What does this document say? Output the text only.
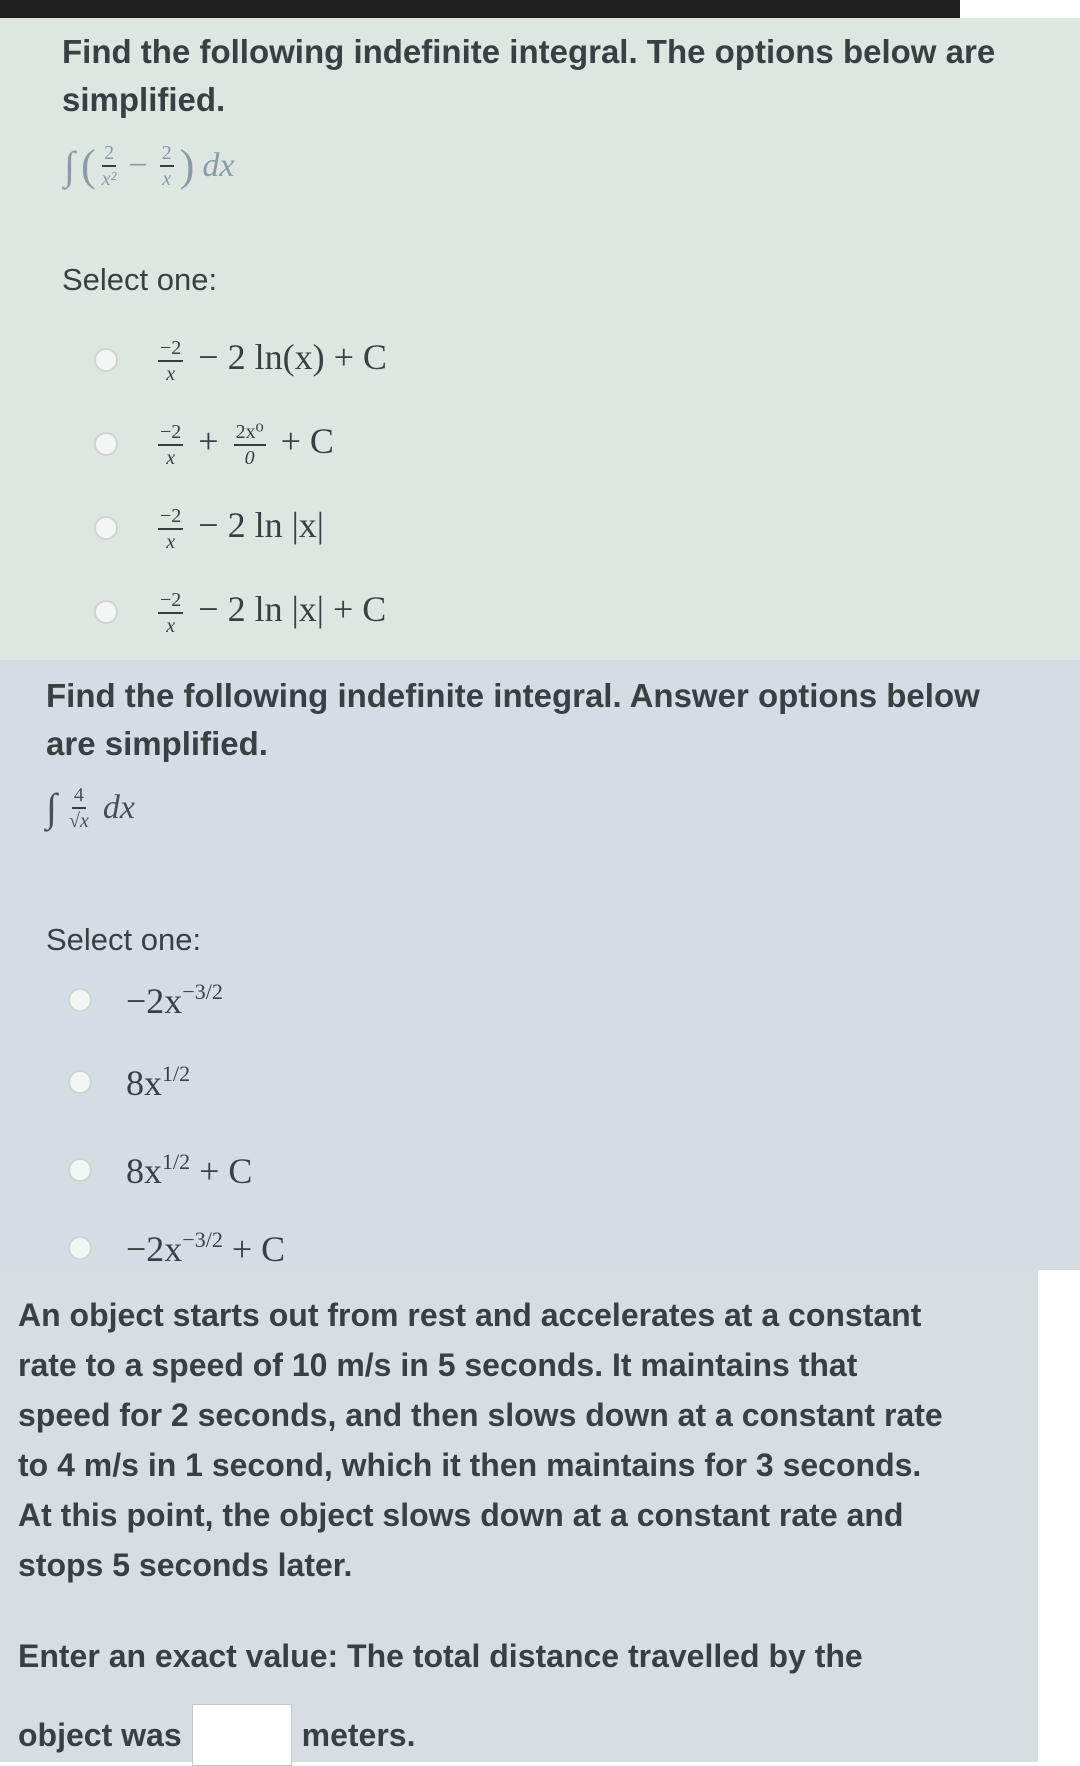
Find the following indefinite integral. The options below are
simplified.
∫ ( $\frac{2}{\text{x²}} - \frac{2}{x}$ ) dx
Select one:
$\frac{-2}{x} - 2$ ln(x) + C
$\frac{-2}{x} + \frac{\text{2x⁰}}{0} + C$
$\frac{-2}{x} - 2$ ln |x|
$\frac{-2}{x} - 2$ ln |x| + C
Find the following indefinite integral. Answer options below
are simplified.
∫ $\frac{4}{√x}$ dx
Select one:
$-2x^{-3/2}$
$8x^{1/2}$
$8x^{1/2} + C$
$-2x^{-3/2} + C$
An object starts out from rest and accelerates at a constant
rate to a speed of 10 m/s in 5 seconds. It maintains that
speed for 2 seconds, and then slows down at a constant rate
to 4 m/s in 1 second, which it then maintains for 3 seconds.
At this point, the object slows down at a constant rate and
stops 5 seconds later.
Enter an exact value: The total distance travelled by the
object was	meters.
